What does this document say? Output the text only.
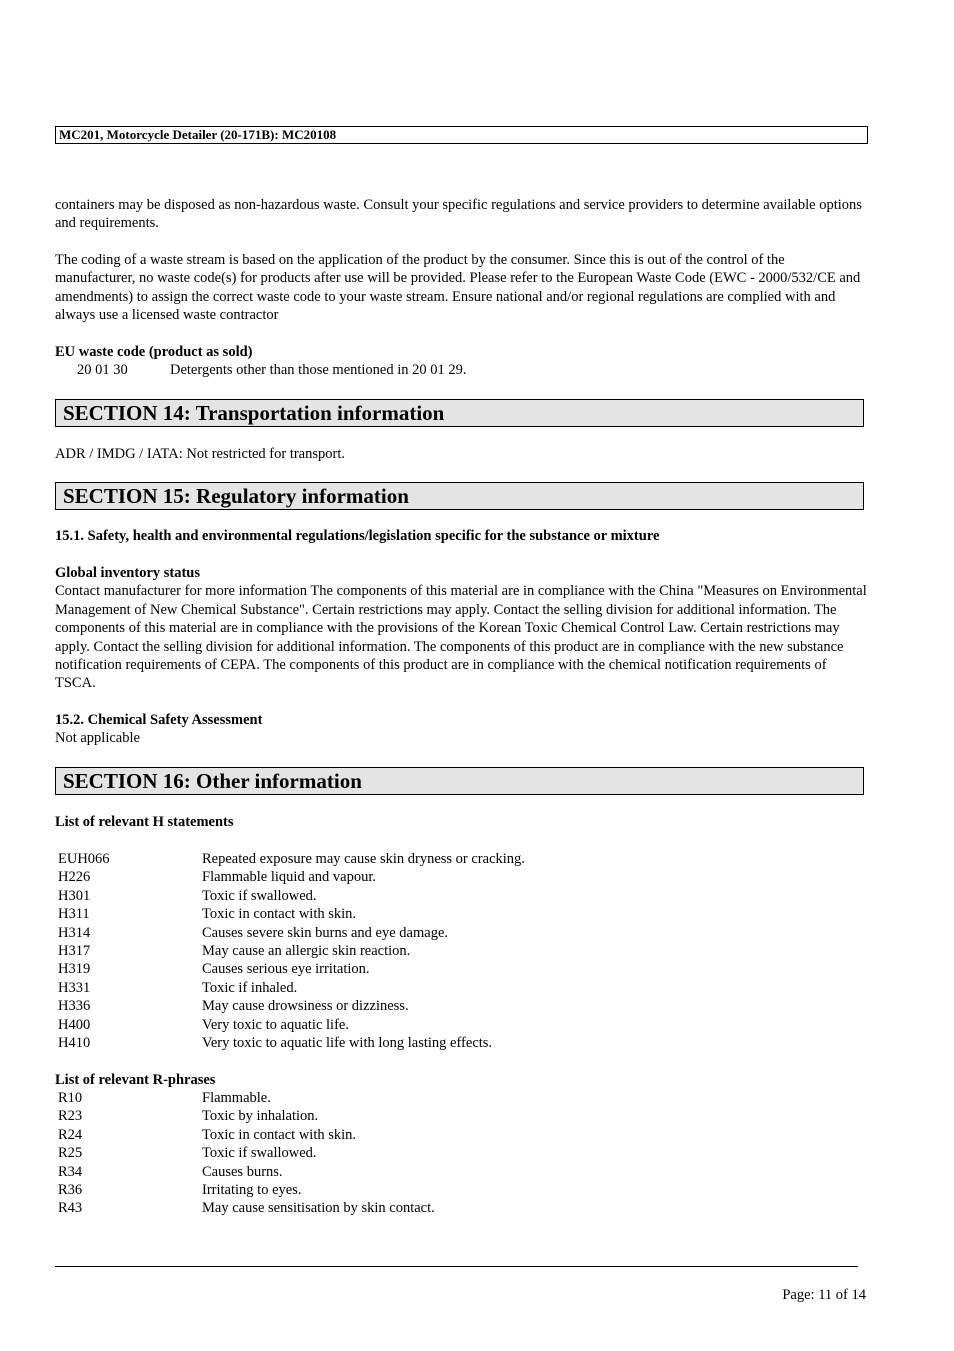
MC201, Motorcycle Detailer (20-171B): MC20108

containers may be disposed as non-hazardous waste. Consult your specific regulations and service providers to determine available options and requirements.

The coding of a waste stream is based on the application of the product by the consumer. Since this is out of the control of the manufacturer, no waste code(s) for products after use will be provided. Please refer to the European Waste Code (EWC - 2000/532/CE and amendments) to assign the correct waste code to your waste stream. Ensure national and/or regional regulations are complied with and always use a licensed waste contractor

EU waste code (product as sold)

20 01 30	Detergents other than those mentioned in 20 01 29.
SECTION 14: Transportation information
ADR / IMDG / IATA: Not restricted for transport.
SECTION 15: Regulatory information
15.1. Safety, health and environmental regulations/legislation specific for the substance or mixture

Global inventory status

Contact manufacturer for more information The components of this material are in compliance with the China "Measures on Environmental Management of New Chemical Substance". Certain restrictions may apply. Contact the selling division for additional information. The components of this material are in compliance with the provisions of the Korean Toxic Chemical Control Law. Certain restrictions may apply. Contact the selling division for additional information. The components of this product are in compliance with the new substance notification requirements of CEPA. The components of this product are in compliance with the chemical notification requirements of TSCA.

15.2. Chemical Safety Assessment

Not applicable

SECTION 16: Other information
List of relevant H statements
EUH066	Repeated exposure may cause skin dryness or cracking.
H226	Flammable liquid and vapour.
H301	Toxic if swallowed.
H311	Toxic in contact with skin.
H314	Causes severe skin burns and eye damage.
H317	May cause an allergic skin reaction.
H319	Causes serious eye irritation.
H331	Toxic if inhaled.
H336	May cause drowsiness or dizziness.
H400	Very toxic to aquatic life.
H410	Very toxic to aquatic life with long lasting effects.
List of relevant R-phrases
R10	Flammable.
R23	Toxic by inhalation.
R24	Toxic in contact with skin.
R25	Toxic if swallowed.
R34	Causes burns.
R36	Irritating to eyes.
R43	May cause sensitisation by skin contact.
Page: 11 of 14
